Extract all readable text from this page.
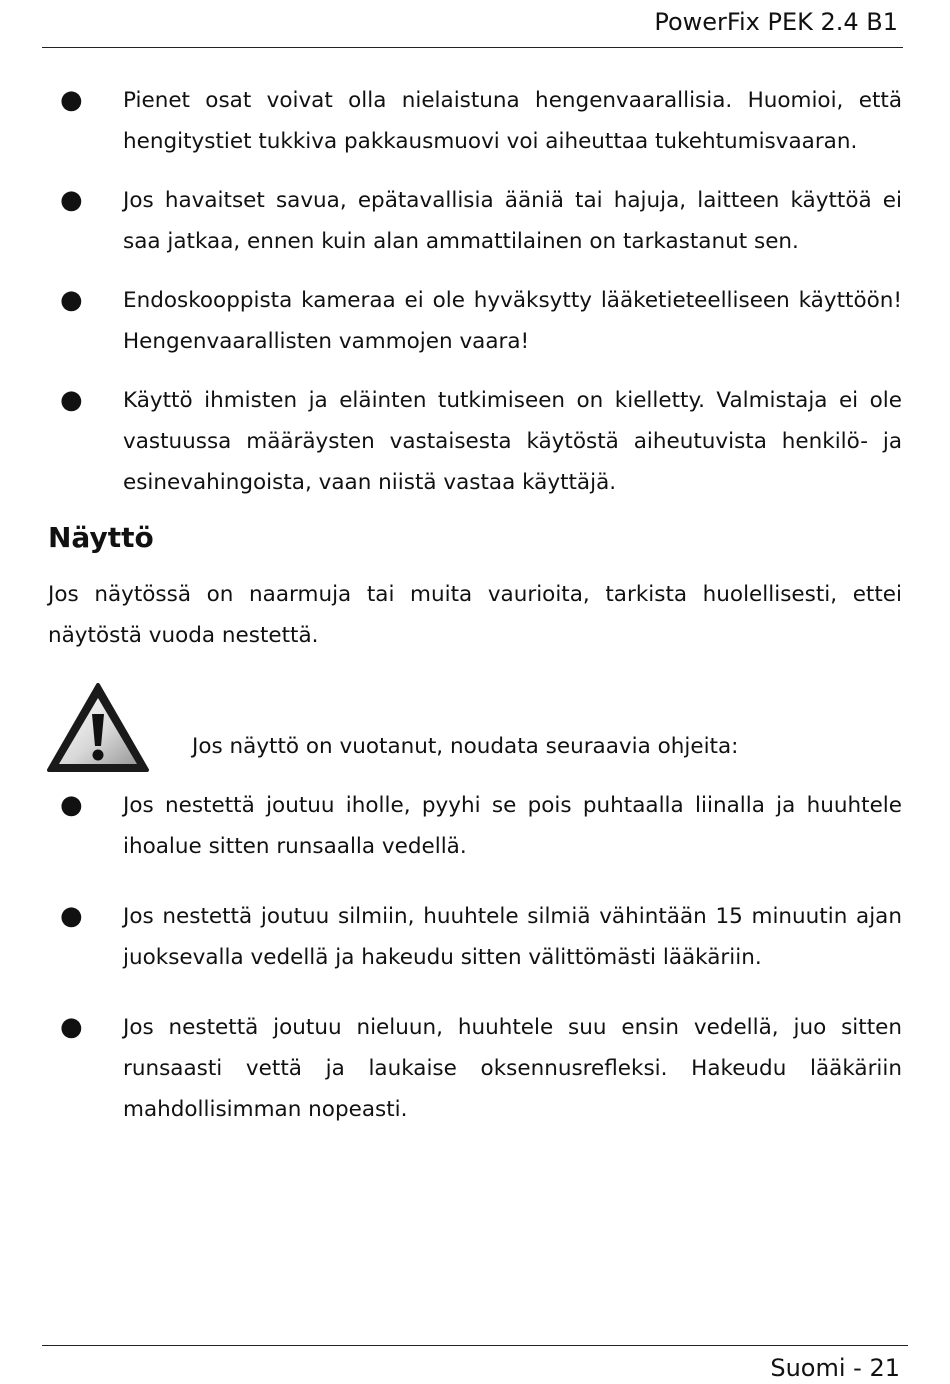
PowerFix PEK 2.4 B1
● Pienet osat voivat olla nielaistuna hengenvaarallisia. Huomioi, että hengitystiet tukkiva pakkausmuovi voi aiheuttaa tukehtumisvaaran.
● Jos havaitset savua, epätavallisia ääniä tai hajuja, laitteen käyttöä ei saa jatkaa, ennen kuin alan ammattilainen on tarkastanut sen.
● Endoskooppista kameraa ei ole hyväksytty lääketieteelliseen käyttöön! Hengenvaarallisten vammojen vaara!
● Käyttö ihmisten ja eläinten tutkimiseen on kielletty. Valmistaja ei ole vastuussa määräysten vastaisesta käytöstä aiheutuvista henkilö- ja esinevahingoista, vaan niistä vastaa käyttäjä.
Näyttö

Jos näytössä on naarmuja tai muita vaurioita, tarkista huolellisesti, ettei näytöstä vuoda nestettä.

Jos näyttö on vuotanut, noudata seuraavia ohjeita:
● Jos nestettä joutuu iholle, pyyhi se pois puhtaalla liinalla ja huuhtele ihoalue sitten runsaalla vedellä.
● Jos nestettä joutuu silmiin, huuhtele silmiä vähintään 15 minuutin ajan juoksevalla vedellä ja hakeudu sitten välittömästi lääkäriin.
● Jos nestettä joutuu nieluun, huuhtele suu ensin vedellä, juo sitten runsaasti vettä ja laukaise oksennusrefleksi. Hakeudu lääkäriin mahdollisimman nopeasti.
Suomi - 21
